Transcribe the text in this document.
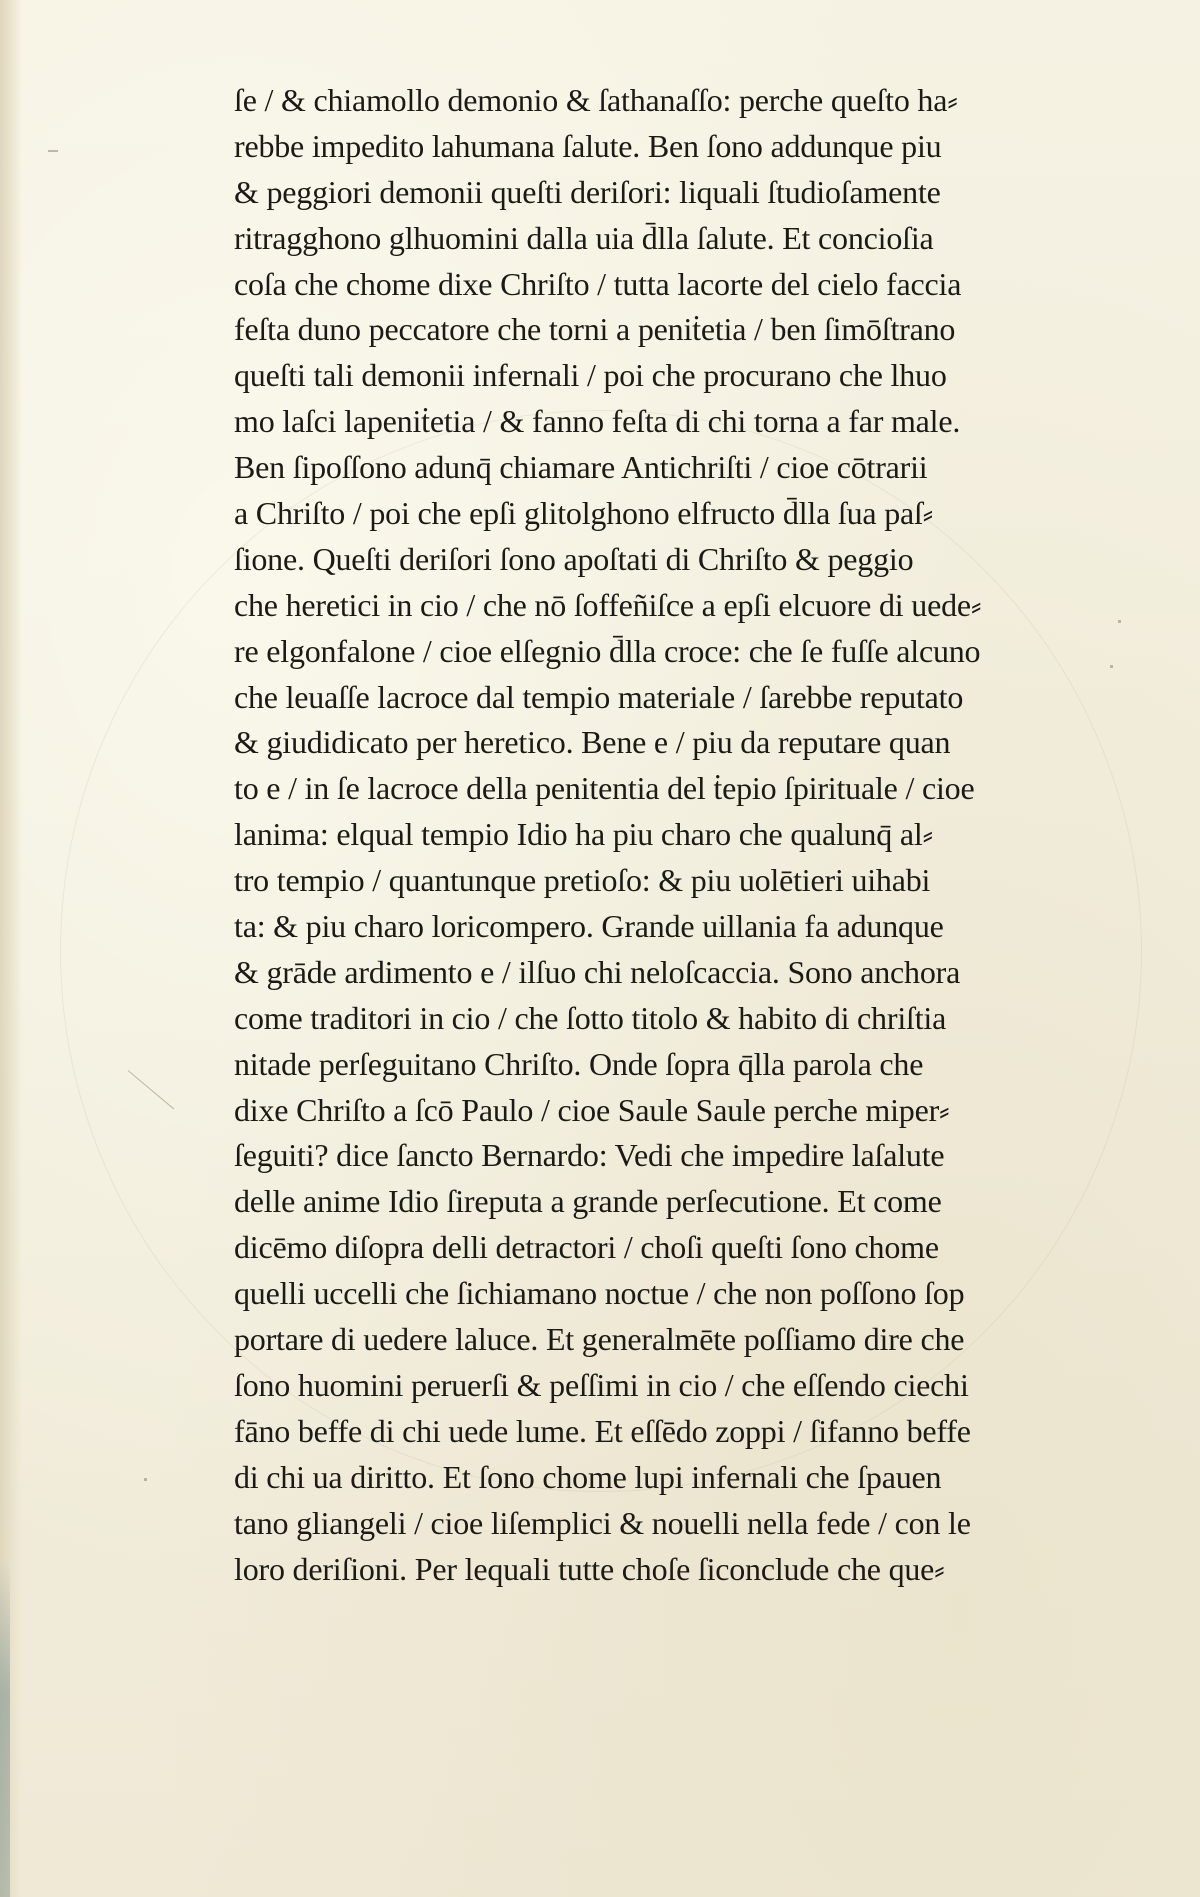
ſe / & chiamollo demonio & ſathanaſſo: perche queſto ha⸗
rebbe impedito lahumana ſalute. Ben ſono addunque piu
& peggiori demonii queſti deriſori: liquali ſtudioſamente
ritragghono glhuomini dalla uia d̄lla ſalute. Et concioſia
coſa che chome dixe Chriſto / tutta lacorte del cielo faccia
feſta duno peccatore che torni a peniṫetia / ben ſimōſtrano
queſti tali demonii infernali / poi che procurano che lhuo
mo laſci lapeniṫetia / & fanno feſta di chi torna a far male.
Ben ſipoſſono adunq̄ chiamare Antichriſti / cioe cōtrarii
a Chriſto / poi che epſi glitolghono elfructo d̄lla ſua paſ⸗
ſione. Queſti deriſori ſono apoſtati di Chriſto & peggio
che heretici in cio / che nō ſoffeñiſce a epſi elcuore di uede⸗
re elgonfalone / cioe elſegnio d̄lla croce: che ſe fuſſe alcuno
che leuaſſe lacroce dal tempio materiale / ſarebbe reputato
& giudidicato per heretico. Bene e / piu da reputare quan
to e / in ſe lacroce della penitentia del ṫepio ſpirituale / cioe
lanima: elqual tempio Idio ha piu charo che qualunq̄ al⸗
tro tempio / quantunque pretioſo: & piu uolētieri uihabi
ta: & piu charo loricompero. Grande uillania fa adunque
& grāde ardimento e / ilſuo chi neloſcaccia. Sono anchora
come traditori in cio / che ſotto titolo & habito di chriſtia
nitade perſeguitano Chriſto. Onde ſopra q̄lla parola che
dixe Chriſto a ſcō Paulo / cioe Saule Saule perche miper⸗
ſeguiti? dice ſancto Bernardo: Vedi che impedire laſalute
delle anime Idio ſireputa a grande perſecutione. Et come
dicēmo diſopra delli detractori / choſi queſti ſono chome
quelli uccelli che ſichiamano noctue / che non poſſono ſop
portare di uedere laluce. Et generalmēte poſſiamo dire che
ſono huomini peruerſi & peſſimi in cio / che eſſendo ciechi
fāno beffe di chi uede lume. Et eſſēdo zoppi / ſifanno beffe
di chi ua diritto. Et ſono chome lupi infernali che ſpauen
tano gliangeli / cioe liſemplici & nouelli nella fede / con le
loro deriſioni. Per lequali tutte choſe ſiconclude che que⸗
